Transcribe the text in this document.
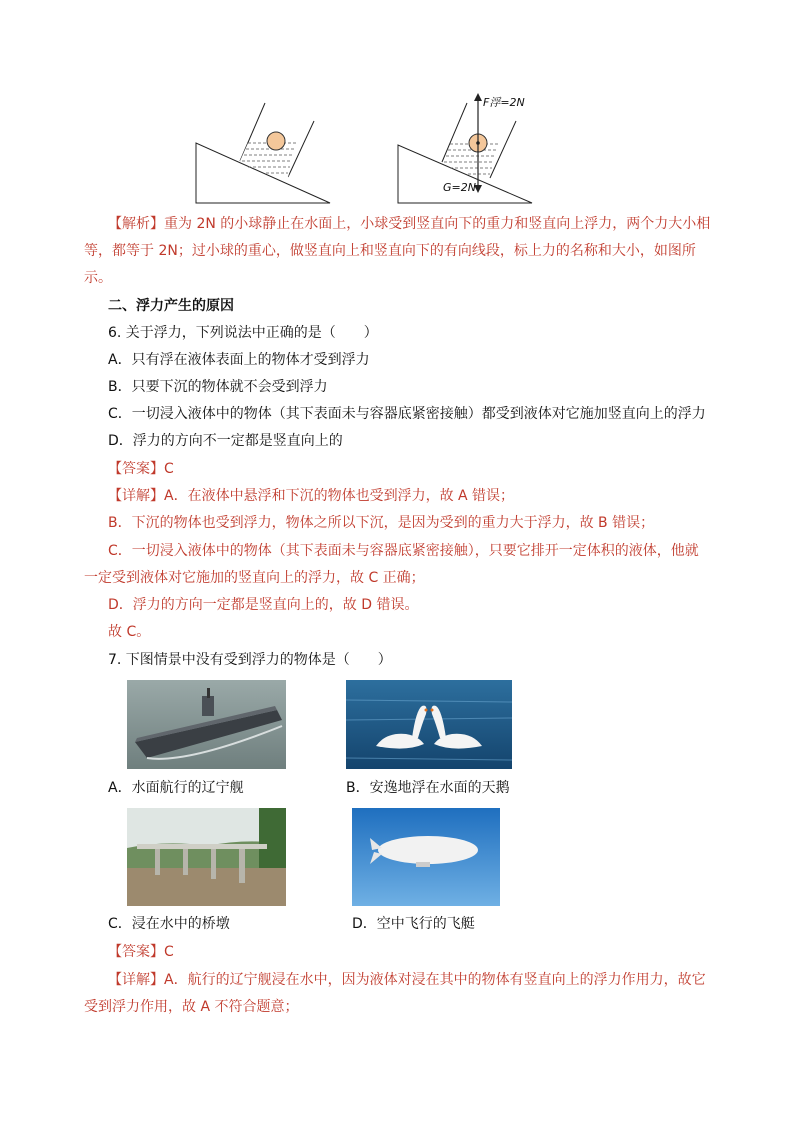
F浮=2N
G=2N
【解析】重为 2N 的小球静止在水面上，小球受到竖直向下的重力和竖直向上浮力，两个力大小相
等，都等于 2N；过小球的重心，做竖直向上和竖直向下的有向线段，标上力的名称和大小，如图所
示。
二、浮力产生的原因
6. 关于浮力，下列说法中正确的是（　　）
A．只有浮在液体表面上的物体才受到浮力
B．只要下沉的物体就不会受到浮力
C．一切浸入液体中的物体（其下表面未与容器底紧密接触）都受到液体对它施加竖直向上的浮力
D．浮力的方向不一定都是竖直向上的
【答案】C
【详解】A．在液体中悬浮和下沉的物体也受到浮力，故 A 错误；
B．下沉的物体也受到浮力，物体之所以下沉，是因为受到的重力大于浮力，故 B 错误；
C．一切浸入液体中的物体（其下表面未与容器底紧密接触），只要它排开一定体积的液体，他就
一定受到液体对它施加的竖直向上的浮力，故 C 正确；
D．浮力的方向一定都是竖直向上的，故 D 错误。
故 C。
7. 下图情景中没有受到浮力的物体是（　　）
A．水面航行的辽宁舰	B．安逸地浮在水面的天鹅
C．浸在水中的桥墩	D．空中飞行的飞艇
【答案】C
【详解】A．航行的辽宁舰浸在水中，因为液体对浸在其中的物体有竖直向上的浮力作用力，故它
受到浮力作用，故 A 不符合题意；
